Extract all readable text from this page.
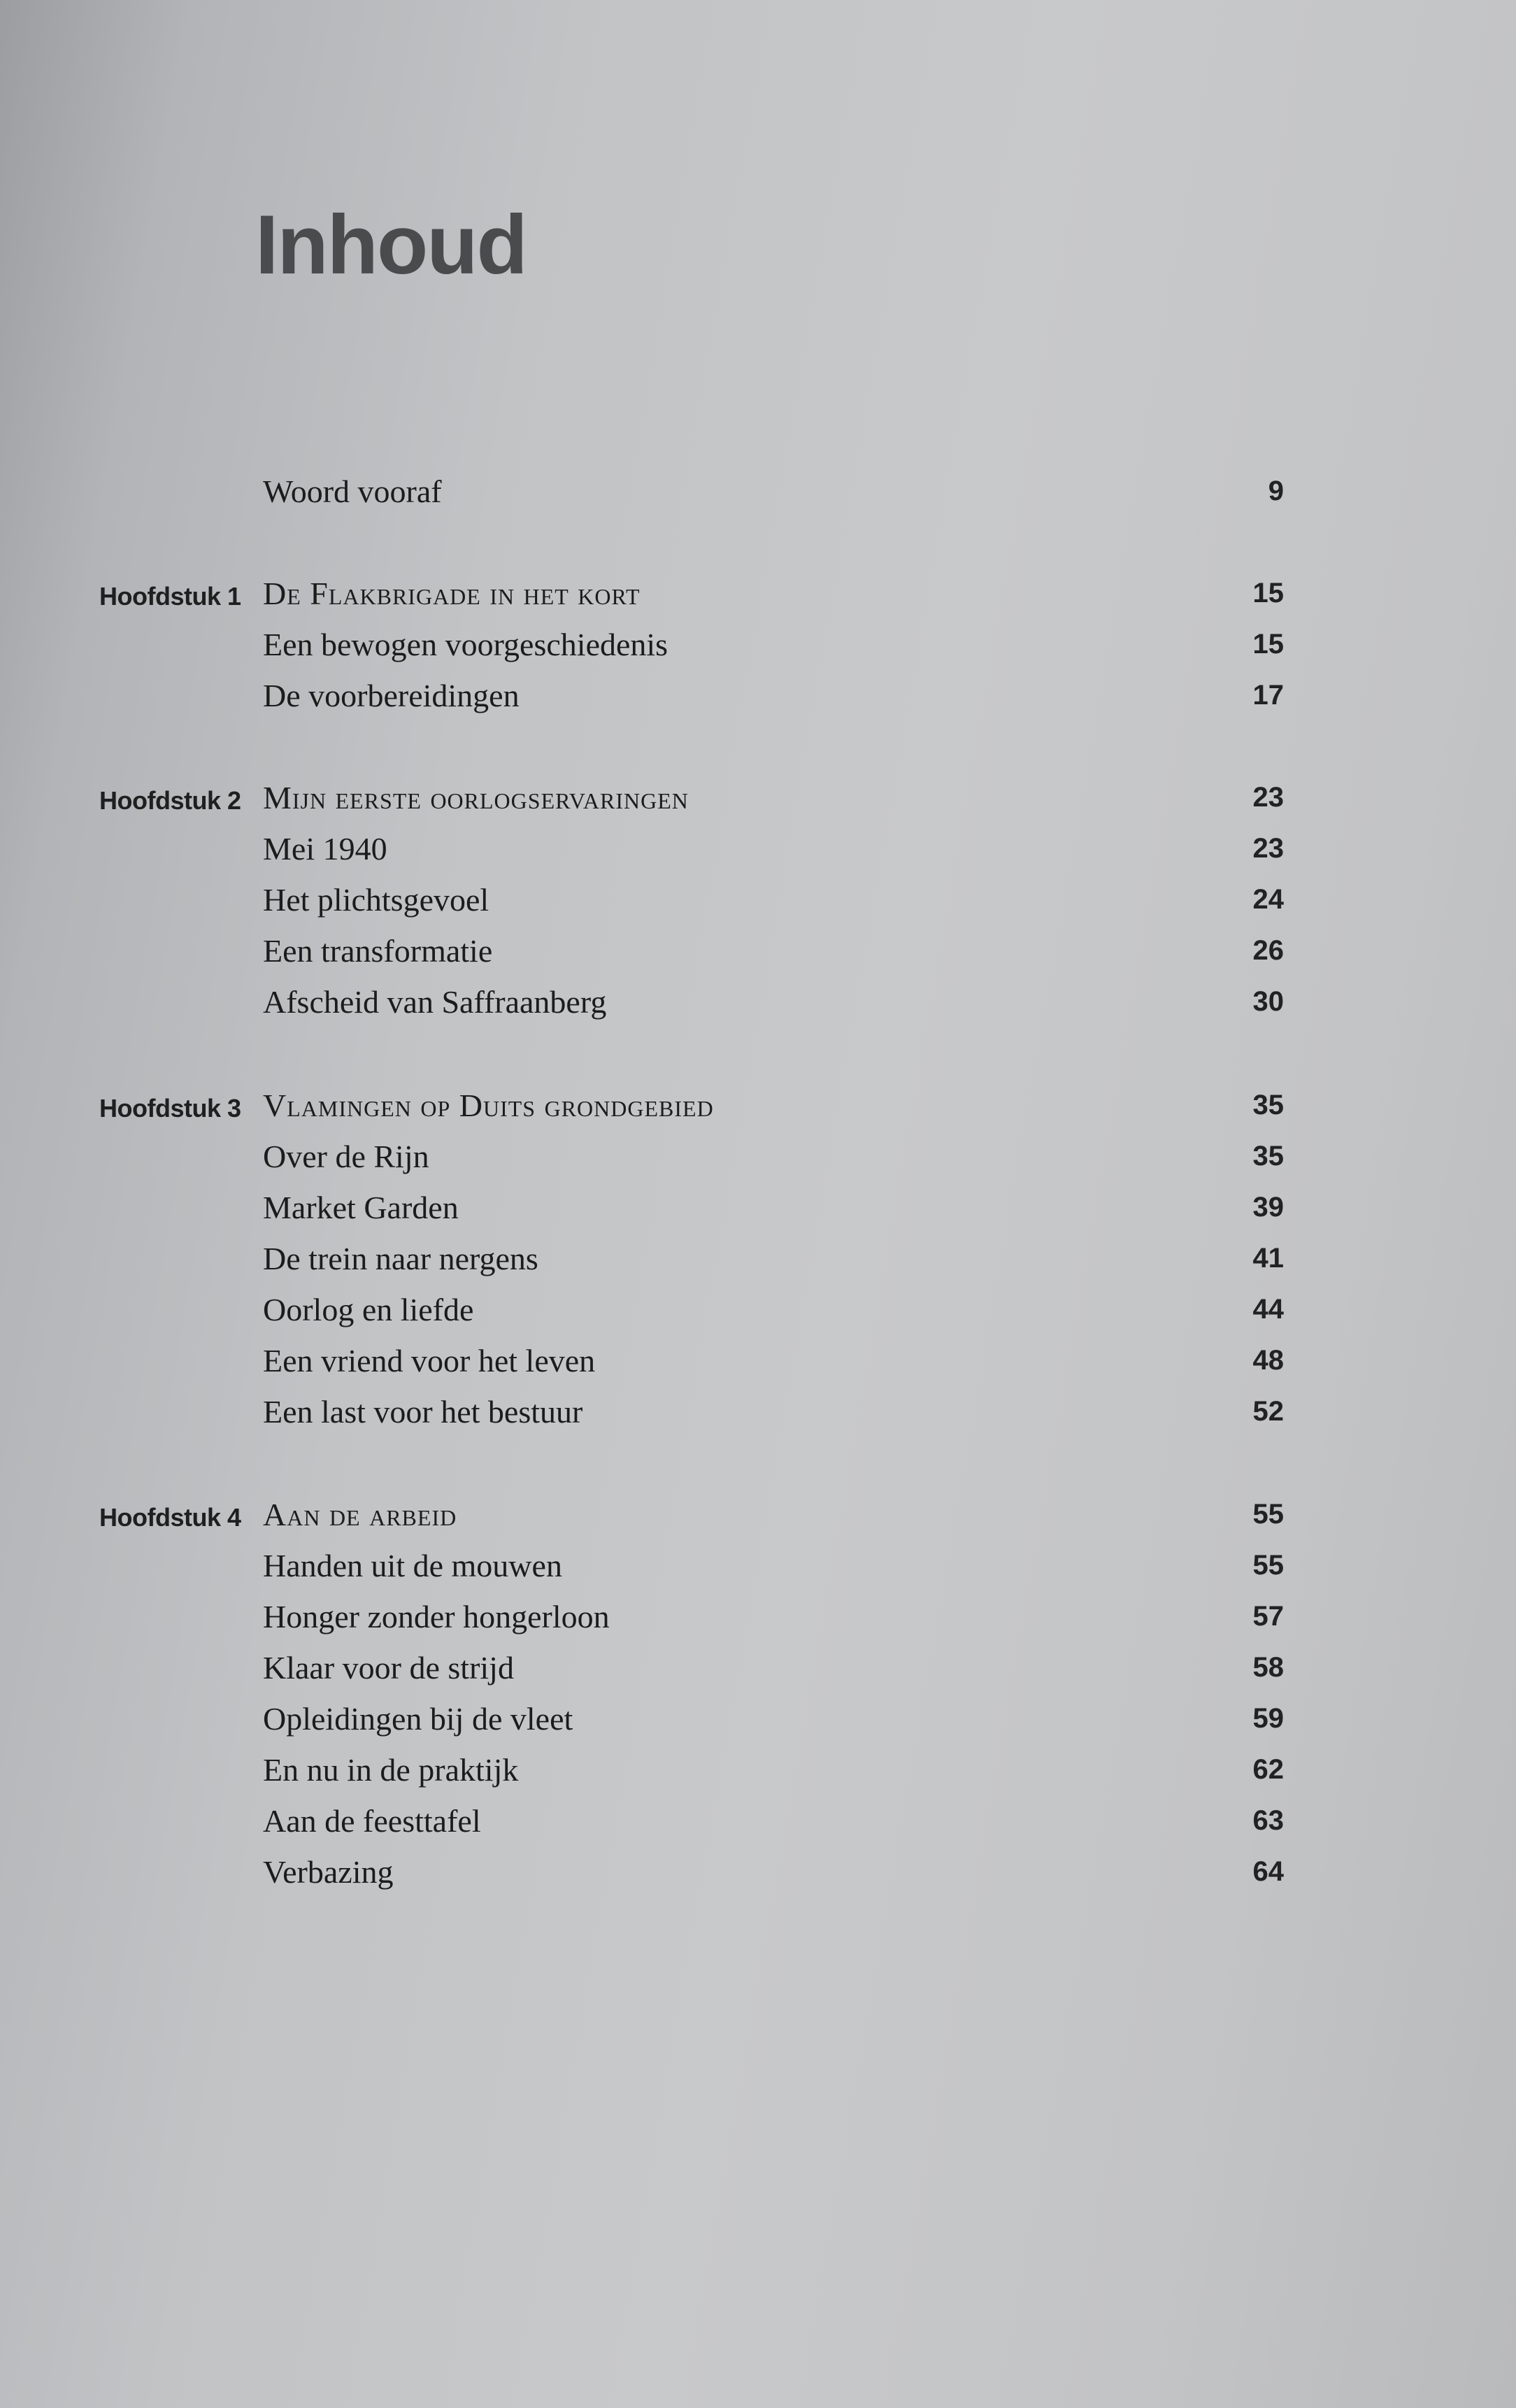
Inhoud
Woord vooraf	9
Hoofdstuk 1 De Flakbrigade in het kort	15
Een bewogen voorgeschiedenis	15
De voorbereidingen	17
Hoofdstuk 2 Mijn eerste oorlogservaringen	23
Mei 1940	23
Het plichtsgevoel	24
Een transformatie	26
Afscheid van Saffraanberg	30
Hoofdstuk 3 Vlamingen op Duits grondgebied	35
Over de Rijn	35
Market Garden	39
De trein naar nergens	41
Oorlog en liefde	44
Een vriend voor het leven	48
Een last voor het bestuur	52
Hoofdstuk 4 Aan de arbeid	55
Handen uit de mouwen	55
Honger zonder hongerloon	57
Klaar voor de strijd	58
Opleidingen bij de vleet	59
En nu in de praktijk	62
Aan de feesttafel	63
Verbazing	64
